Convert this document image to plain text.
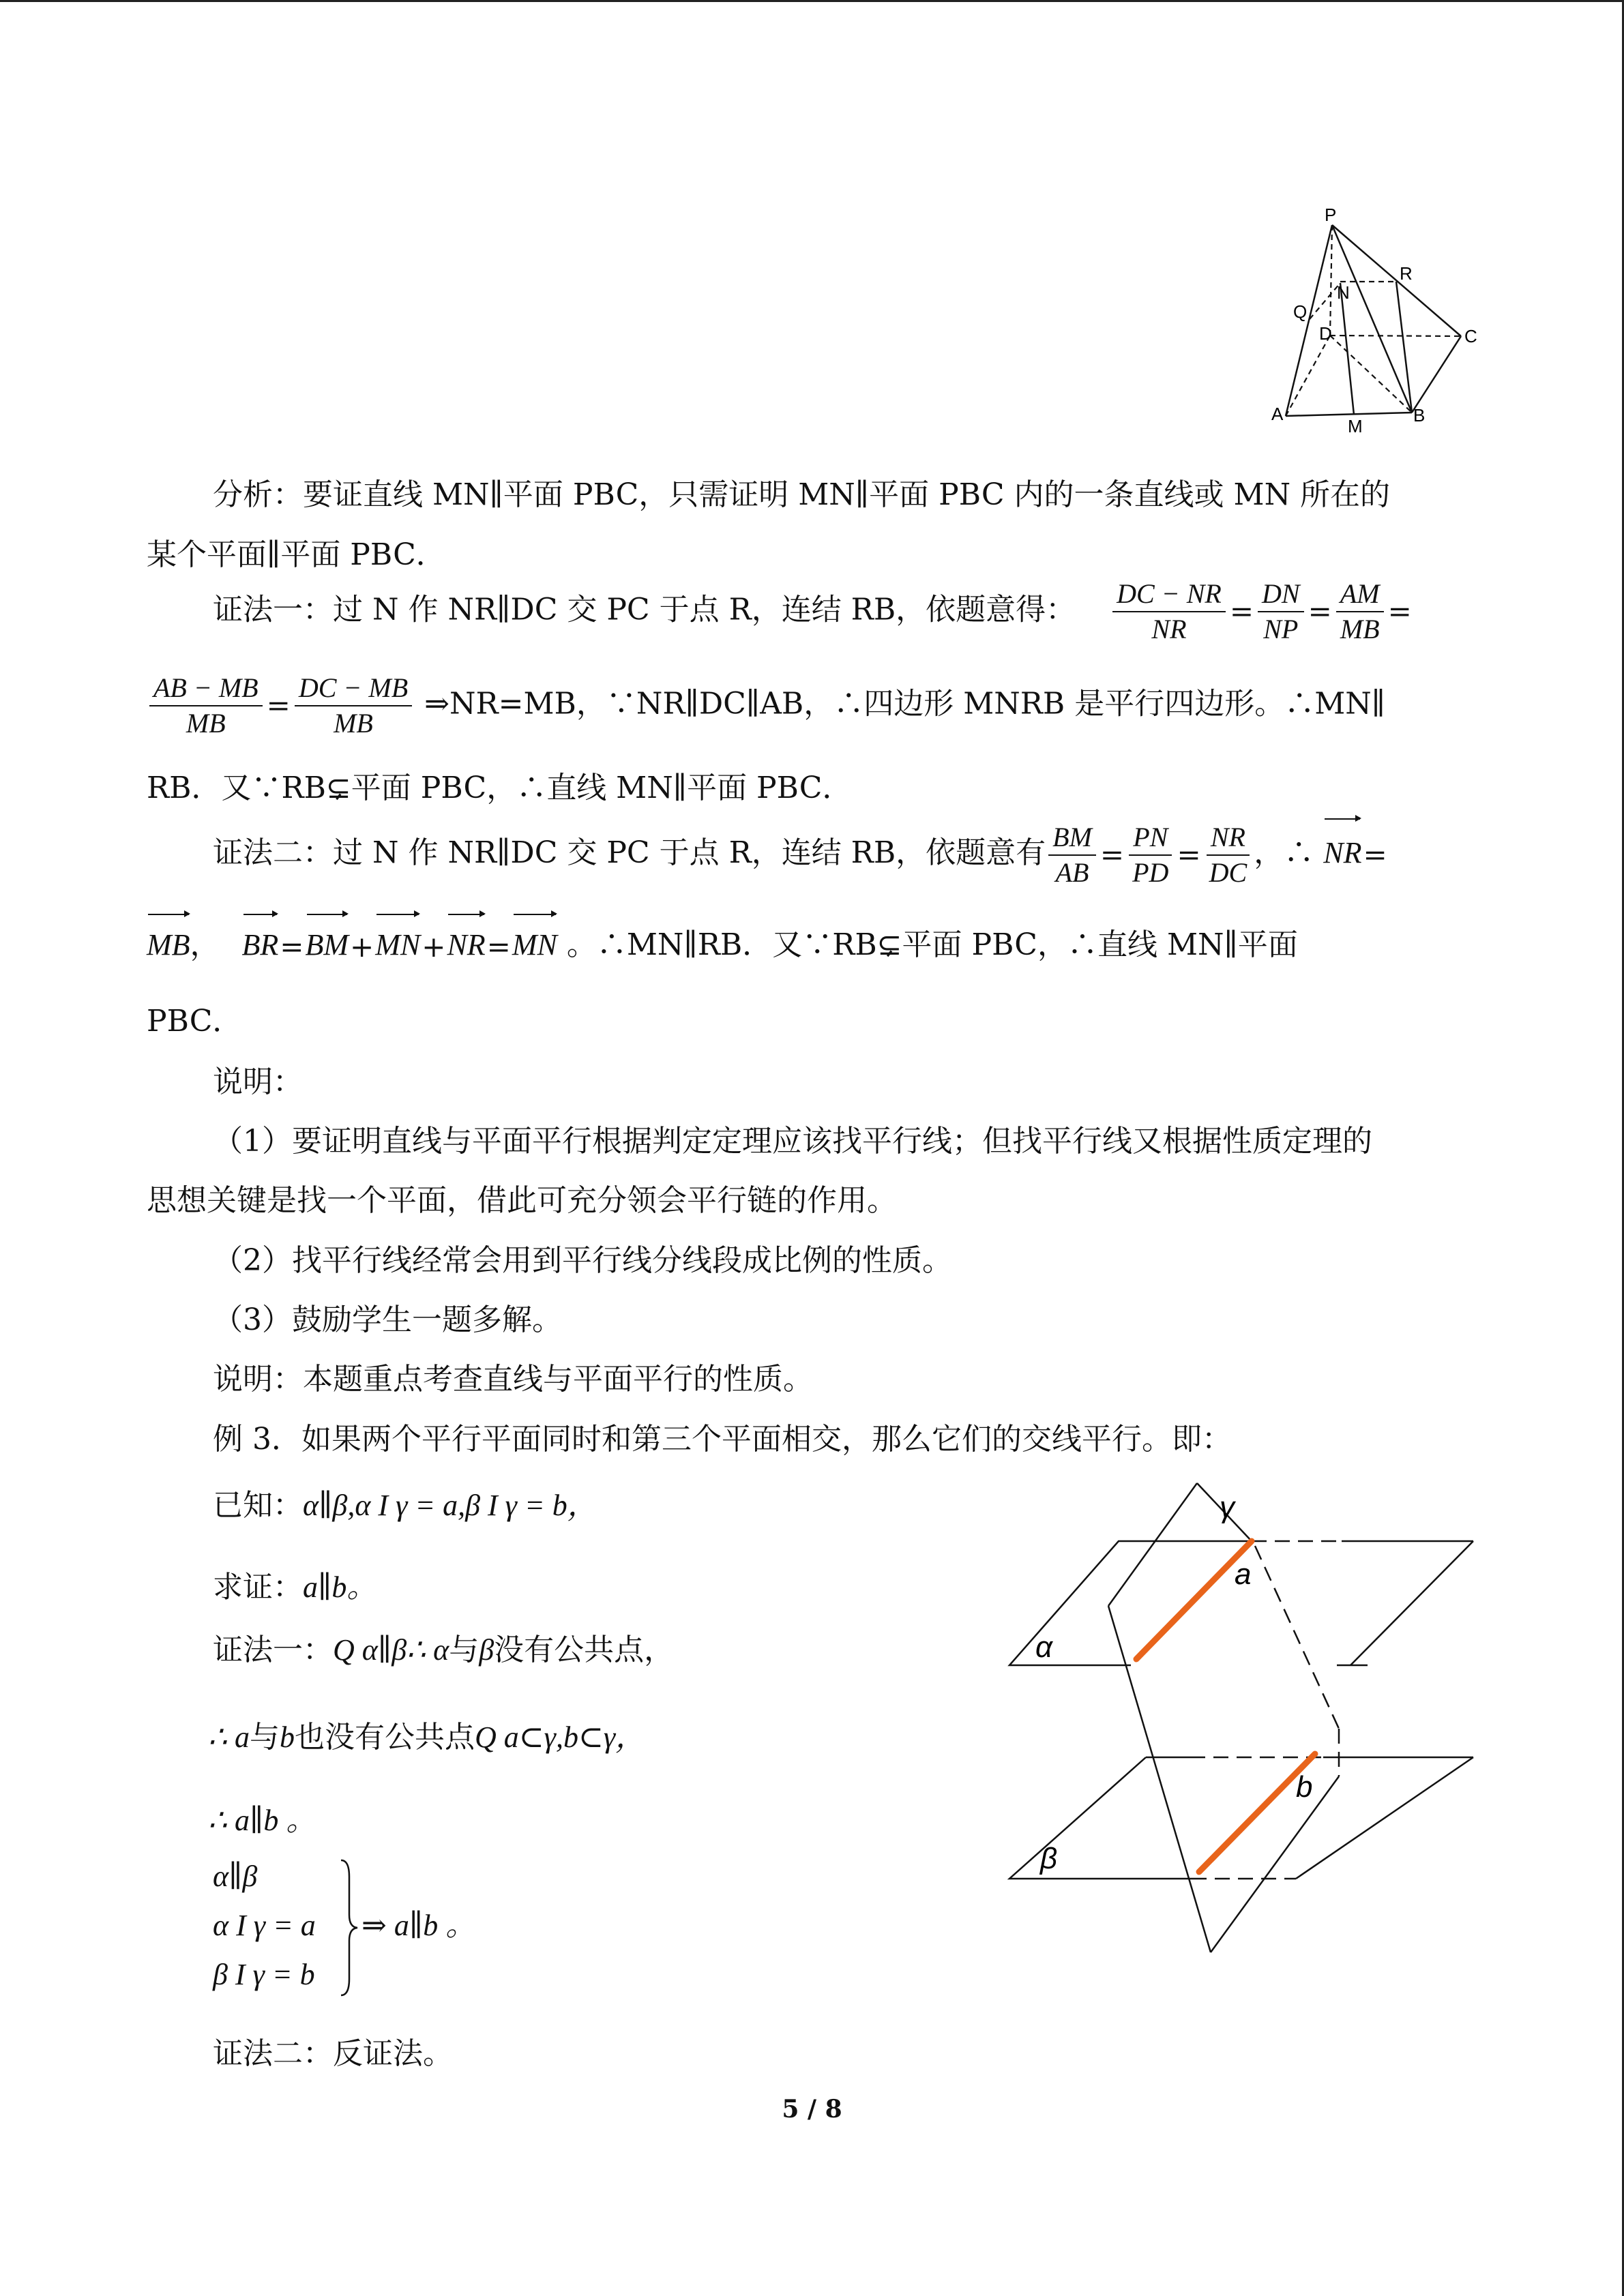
P
R
N
Q
D	C
A
M
B
分析：要证直线 MN∥平面 PBC，只需证明 MN∥平面 PBC 内的一条直线或 MN 所在的
某个平面∥平面 PBC．
证法一：过 N 作 NR∥DC 交 PC 于点 R，连结 RB，依题意得： $\frac{DC - NR}{NR} = \frac{DN}{NP} = \frac{AM}{MB}$ =
$\frac{AB - MB}{MB} = \frac{DC - MB}{MB}$ ⇒NR=MB，∵NR∥DC∥AB，∴四边形 MNRB 是平行四边形。∴MN∥
RB．又∵RB⊊平面 PBC，∴直线 MN∥平面 PBC．
证法二：过 N 作 NR∥DC 交 PC 于点 R，连结 RB，依题意有 $\frac{BM}{AB} = \frac{PN}{PD} = \frac{NR}{DC}$ ，∴ NR=
MB， BR=BM+MN+NR=MN 。∴MN∥RB．又∵RB⊊平面 PBC，∴直线 MN∥平面
PBC．
说明：
（1）要证明直线与平面平行根据判定定理应该找平行线；但找平行线又根据性质定理的
思想关键是找一个平面，借此可充分领会平行链的作用。
（2）找平行线经常会用到平行线分线段成比例的性质。
（3）鼓励学生一题多解。
说明：本题重点考查直线与平面平行的性质。
例 3．如果两个平行平面同时和第三个平面相交，那么它们的交线平行。即：
已知：α∥β,α I γ = a,β I γ = b，
求证：a∥b。
证法一：Q α∥β∴ α与β没有公共点，
∴ a与b也没有公共点Q a⊂γ,b⊂γ，
∴ a∥b 。
α∥β
α I γ = a
β I γ = b
⇒ a∥b 。
证法二：反证法。
γ
a
α
b
β
5 / 8
